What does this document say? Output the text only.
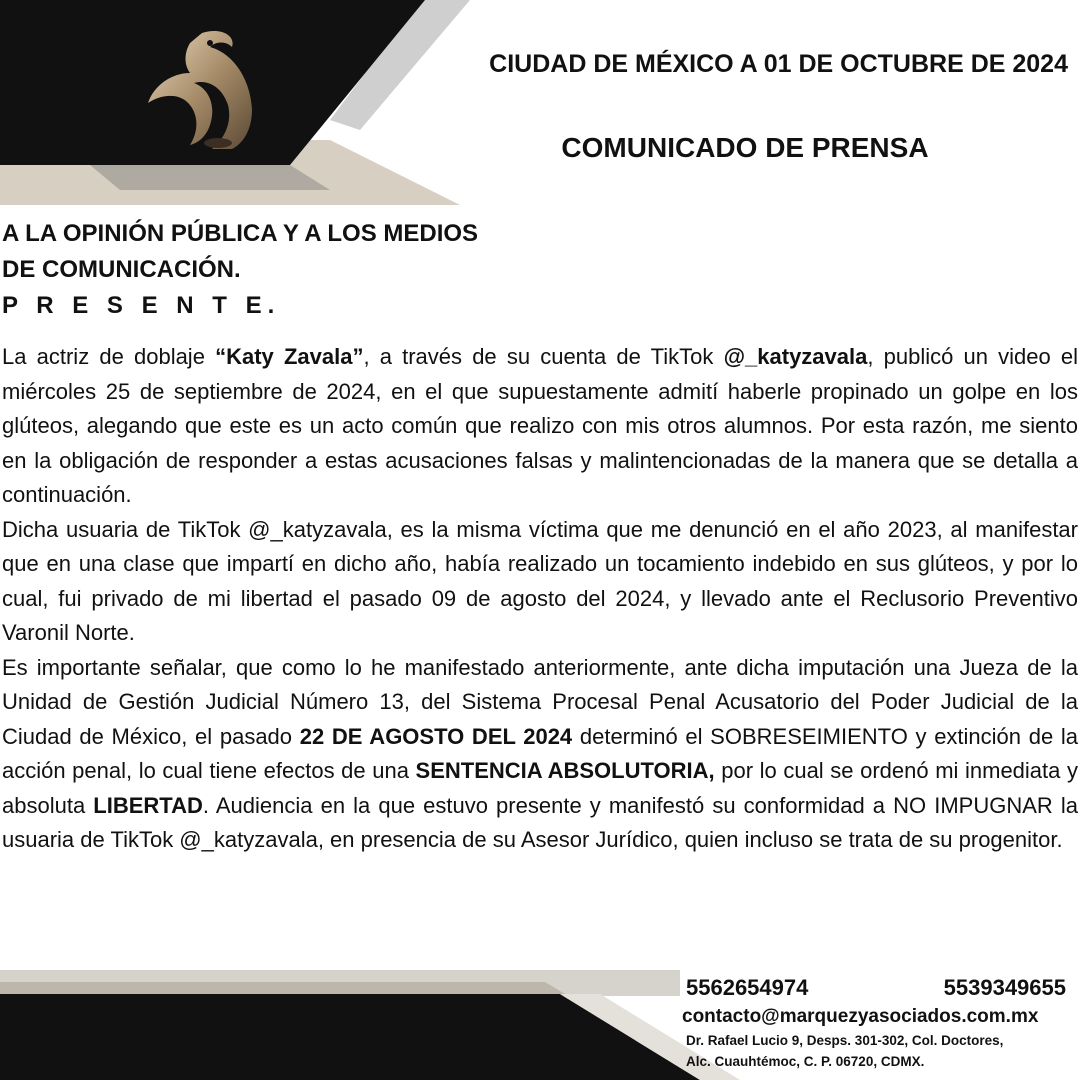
CIUDAD DE MÉXICO A 01 DE OCTUBRE DE 2024
COMUNICADO DE PRENSA
A LA OPINIÓN PÚBLICA Y A LOS MEDIOS
DE COMUNICACIÓN.
P R E S E N T E.

La actriz de doblaje “Katy Zavala”, a través de su cuenta de TikTok @_katyzavala, publicó un video el miércoles 25 de septiembre de 2024, en el que supuestamente admití haberle propinado un golpe en los glúteos, alegando que este es un acto común que realizo con mis otros alumnos. Por esta razón, me siento en la obligación de responder a estas acusaciones falsas y malintencionadas de la manera que se detalla a continuación.

Dicha usuaria de TikTok @_katyzavala, es la misma víctima que me denunció en el año 2023, al manifestar que en una clase que impartí en dicho año, había realizado un tocamiento indebido en sus glúteos, y por lo cual, fui privado de mi libertad el pasado 09 de agosto del 2024, y llevado ante el Reclusorio Preventivo Varonil Norte.

Es importante señalar, que como lo he manifestado anteriormente, ante dicha imputación una Jueza de la Unidad de Gestión Judicial Número 13, del Sistema Procesal Penal Acusatorio del Poder Judicial de la Ciudad de México, el pasado 22 DE AGOSTO DEL 2024 determinó el SOBRESEIMIENTO y extinción de la acción penal, lo cual tiene efectos de una SENTENCIA ABSOLUTORIA, por lo cual se ordenó mi inmediata y absoluta LIBERTAD. Audiencia en la que estuvo presente y manifestó su conformidad a NO IMPUGNAR la usuaria de TikTok @_katyzavala, en presencia de su Asesor Jurídico, quien incluso se trata de su progenitor.

5562654974	5539349655
contacto@marquezyasociados.com.mx
Dr. Rafael Lucio 9, Desps. 301-302, Col. Doctores,
Alc. Cuauhtémoc, C. P. 06720, CDMX.
